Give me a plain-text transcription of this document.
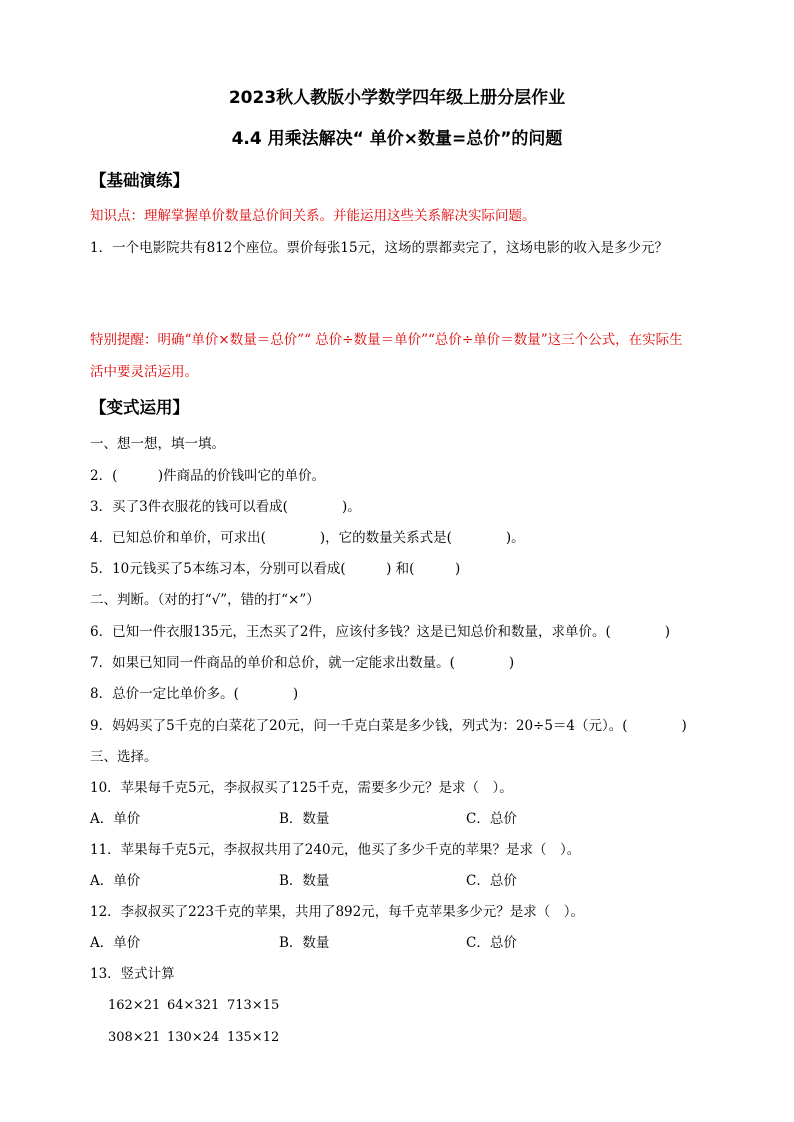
2023秋人教版小学数学四年级上册分层作业
4.4 用乘法解决“ 单价×数量=总价”的问题
【基础演练】
知识点：理解掌握单价数量总价间关系。并能运用这些关系解决实际问题。
1．一个电影院共有812个座位。票价每张15元，这场的票都卖完了，这场电影的收入是多少元？
特别提醒：明确“单价×数量＝总价”“ 总价÷数量＝单价”“总价÷单价＝数量”这三个公式，在实际生
活中要灵活运用。
【变式运用】
一、想一想，填一填。
2．(　　　)件商品的价钱叫它的单价。
3．买了3件衣服花的钱可以看成(　　　　)。
4．已知总价和单价，可求出(　　　　)，它的数量关系式是(　　　　)。
5．10元钱买了5本练习本，分别可以看成(　　　) 和(　　　)
二、判断。（对的打“√”，错的打“×”）
6．已知一件衣服135元，王杰买了2件，应该付多钱？这是已知总价和数量，求单价。(　　　　)
7．如果已知同一件商品的单价和总价，就一定能求出数量。(　　　　)
8．总价一定比单价多。(　　　　)
9．妈妈买了5千克的白菜花了20元，问一千克白菜是多少钱，列式为：20÷5＝4（元）。(　　　　)
三、选择。
10．苹果每千克5元，李叔叔买了125千克，需要多少元？是求（　）。
A．单价	B．数量	C．总价
11．苹果每千克5元，李叔叔共用了240元，他买了多少千克的苹果？是求（　）。
A．单价	B．数量	C．总价
12．李叔叔买了223千克的苹果，共用了892元，每千克苹果多少元？是求（　）。
A．单价	B．数量	C．总价
13．竖式计算
162×21 64×321 713×15
308×21 130×24 135×12
